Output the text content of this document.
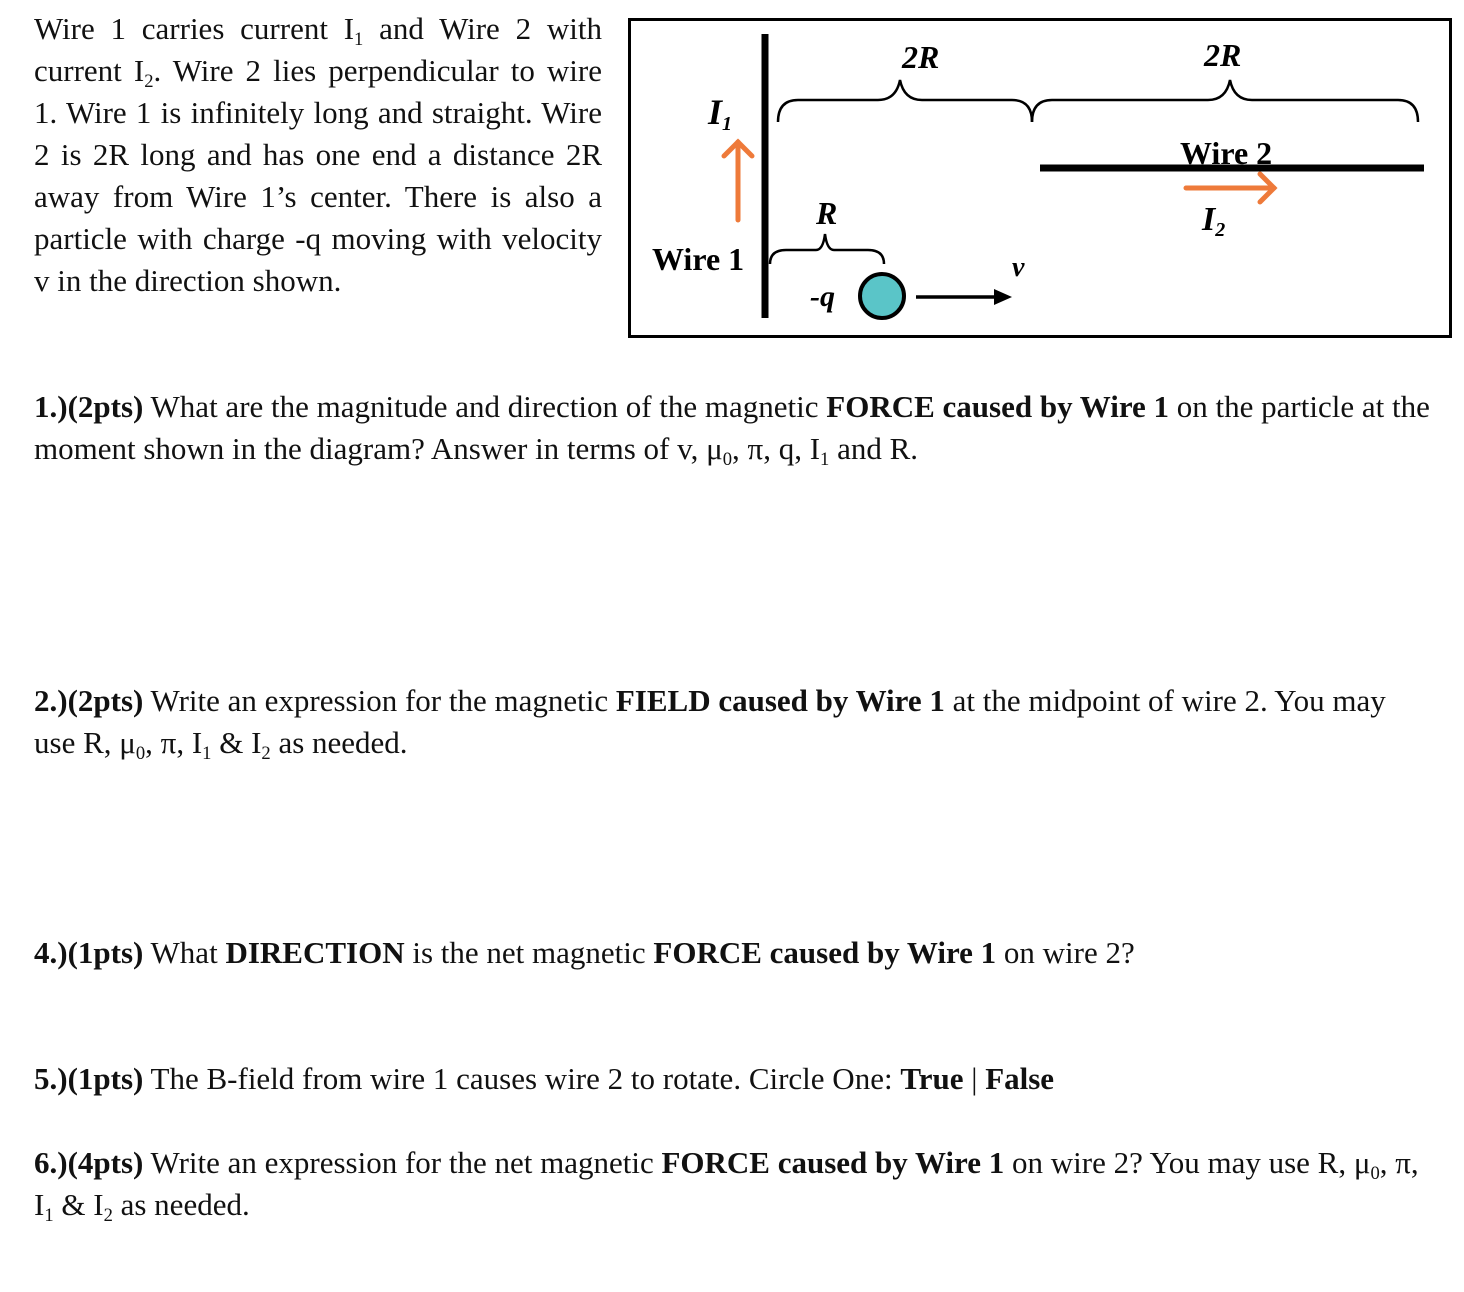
Wire 1 carries current $I_1$ and Wire 2 with current $I_2$. Wire 2 lies perpendicular to wire 1. Wire 1 is infinitely long and straight. Wire 2 is 2R long and has one end a distance 2R away from Wire 1’s center. There is also a particle with charge -q moving with velocity v in the direction shown.
I1
2R	2R
Wire 2
I2
R
Wire 1
-q
v
1.)(2pts) What are the magnitude and direction of the magnetic FORCE caused by Wire 1 on the particle at the moment shown in the diagram? Answer in terms of v, $\mu_0$, π, q, $I_1$ and R.
2.)(2pts) Write an expression for the magnetic FIELD caused by Wire 1 at the midpoint of wire 2. You may use R, $\mu_0$, π, $I_1$ & $I_2$ as needed.
4.)(1pts) What DIRECTION is the net magnetic FORCE caused by Wire 1 on wire 2?
5.)(1pts) The B-field from wire 1 causes wire 2 to rotate. Circle One: True | False
6.)(4pts) Write an expression for the net magnetic FORCE caused by Wire 1 on wire 2? You may use R, $\mu_0$, π, $I_1$ & $I_2$ as needed.
